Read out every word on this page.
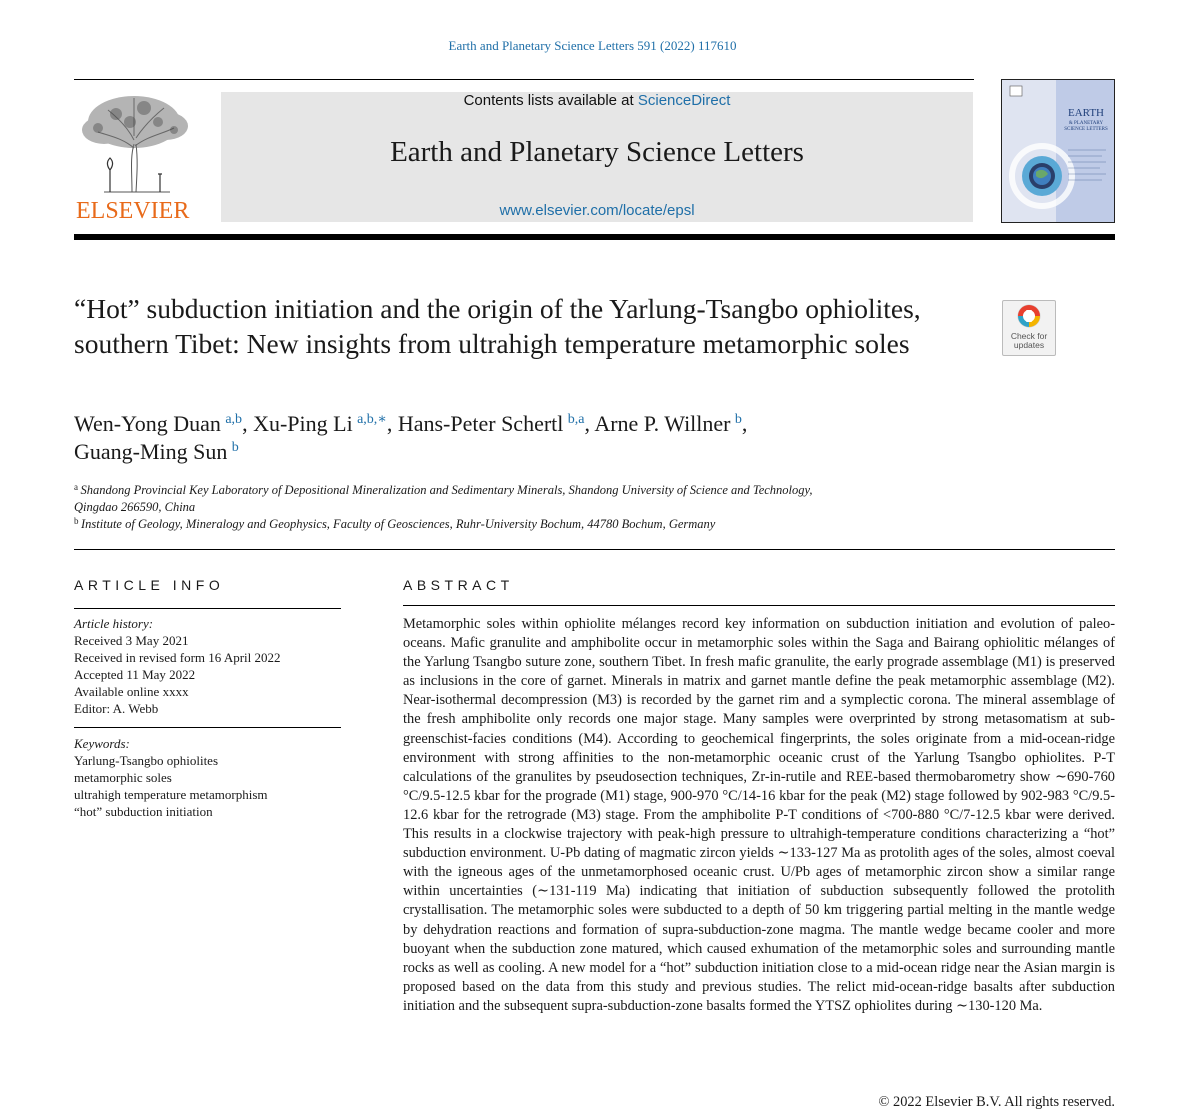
Earth and Planetary Science Letters 591 (2022) 117610
ELSEVIER
Contents lists available at ScienceDirect
Earth and Planetary Science Letters
www.elsevier.com/locate/epsl
EARTH
& PLANETARY
SCIENCE LETTERS
“Hot” subduction initiation and the origin of the Yarlung-Tsangbo ophiolites, southern Tibet: New insights from ultrahigh temperature metamorphic soles	Check for
updates
Wen-Yong Duan  $^{a,b}$, Xu-Ping Li  $^{a,b,∗}$, Hans-Peter Schertl  $^{b,a}$, Arne P. Willner  $^b$,
Guang-Ming Sun  $^b$
$^a$  Shandong Provincial Key Laboratory of Depositional Mineralization and Sedimentary Minerals, Shandong University of Science and Technology,
Qingdao 266590, China
$^b$  Institute of Geology, Mineralogy and Geophysics, Faculty of Geosciences, Ruhr-University Bochum, 44780 Bochum, Germany
ARTICLE INFO
Article history:
Received 3 May 2021
Received in revised form 16 April 2022
Accepted 11 May 2022
Available online xxxx
Editor: A. Webb
Keywords:
Yarlung-Tsangbo ophiolites
metamorphic soles
ultrahigh temperature metamorphism
“hot” subduction initiation
ABSTRACT
Metamorphic soles within ophiolite mélanges record key information on subduction initiation and evolution of paleo-oceans. Mafic granulite and amphibolite occur in metamorphic soles within the Saga and Bairang ophiolitic mélanges of the Yarlung Tsangbo suture zone, southern Tibet. In fresh mafic granulite, the early prograde assemblage (M1) is preserved as inclusions in the core of garnet. Minerals in matrix and garnet mantle define the peak metamorphic assemblage (M2). Near-isothermal decompression (M3) is recorded by the garnet rim and a symplectic corona. The mineral assemblage of the fresh amphibolite only records one major stage. Many samples were overprinted by strong metasomatism at sub-greenschist-facies conditions (M4). According to geochemical fingerprints, the soles originate from a mid-ocean-ridge environment with strong affinities to the non-metamorphic oceanic crust of the Yarlung Tsangbo ophiolites. P-T calculations of the granulites by pseudosection techniques, Zr-in-rutile and REE-based thermobarometry show ∼690-760 °C/9.5-12.5 kbar for the prograde (M1) stage, 900-970 °C/14-16 kbar for the peak (M2) stage followed by 902-983 °C/9.5-12.6 kbar for the retrograde (M3) stage. From the amphibolite P-T conditions of <700-880 °C/7-12.5 kbar were derived. This results in a clockwise trajectory with peak-high pressure to ultrahigh-temperature conditions characterizing a “hot” subduction environment. U-Pb dating of magmatic zircon yields ∼133-127 Ma as protolith ages of the soles, almost coeval with the igneous ages of the unmetamorphosed oceanic crust. U/Pb ages of metamorphic zircon show a similar range within uncertainties (∼131-119 Ma) indicating that initiation of subduction subsequently followed the protolith crystallisation. The metamorphic soles were subducted to a depth of 50 km triggering partial melting in the mantle wedge by dehydration reactions and formation of supra-subduction-zone magma. The mantle wedge became cooler and more buoyant when the subduction zone matured, which caused exhumation of the metamorphic soles and surrounding mantle rocks as well as cooling. A new model for a “hot” subduction initiation close to a mid-ocean ridge near the Asian margin is proposed based on the data from this study and previous studies. The relict mid-ocean-ridge basalts after subduction initiation and the subsequent supra-subduction-zone basalts formed the YTSZ ophiolites during ∼130-120 Ma.
© 2022 Elsevier B.V. All rights reserved.
